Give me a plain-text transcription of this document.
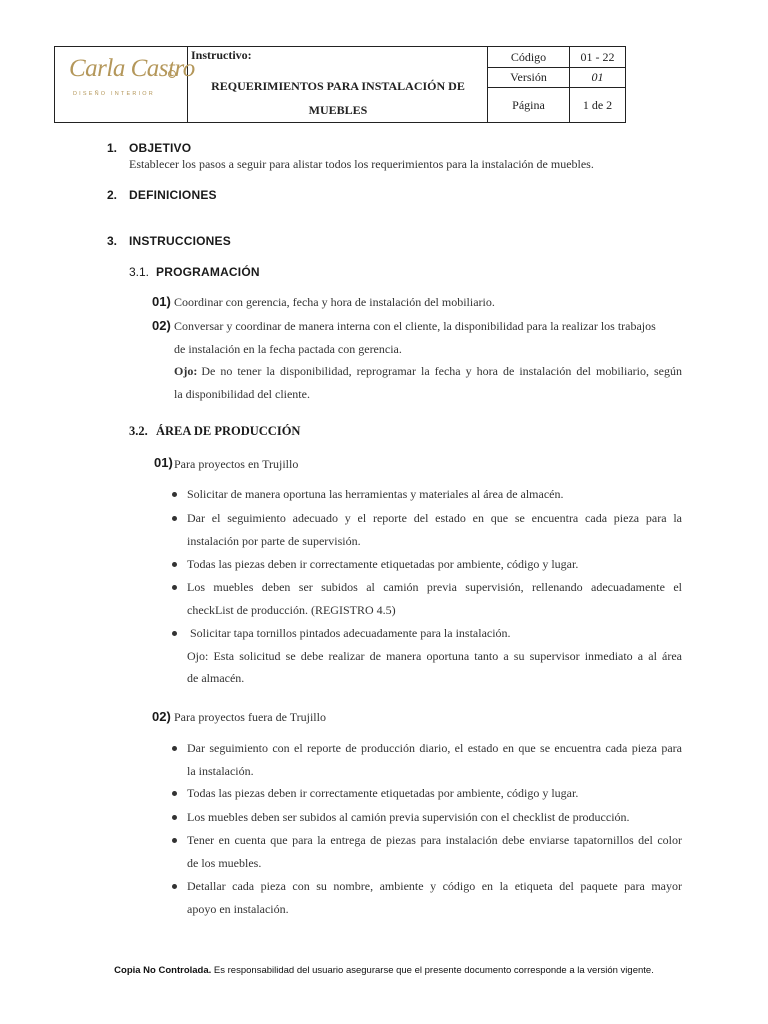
Carla Castro
DISEÑO INTERIOR
Instructivo:
REQUERIMIENTOS PARA INSTALACIÓN DE
MUEBLES
Código	01 - 22
Versión	01
Página	1 de 2
1. OBJETIVO
Establecer los pasos a seguir para alistar todos los requerimientos para la instalación de muebles.
2. DEFINICIONES
3. INSTRUCCIONES
3.1. PROGRAMACIÓN
01) Coordinar con gerencia, fecha y hora de instalación del mobiliario.
02) Conversar y coordinar de manera interna con el cliente, la disponibilidad para la realizar los trabajos
de instalación en la fecha pactada con gerencia.
Ojo: De no tener la disponibilidad, reprogramar la fecha y hora de instalación del mobiliario, según
la disponibilidad del cliente.
3.2. ÁREA DE PRODUCCIÓN
01) Para proyectos en Trujillo
Solicitar de manera oportuna las herramientas y materiales al área de almacén.
Dar el seguimiento adecuado y el reporte del estado en que se encuentra cada pieza para la
instalación por parte de supervisión.
Todas las piezas deben ir correctamente etiquetadas por ambiente, código y lugar.
Los muebles deben ser subidos al camión previa supervisión, rellenando adecuadamente el
checkList de producción. (REGISTRO 4.5)
Solicitar tapa tornillos pintados adecuadamente para la instalación.
Ojo: Esta solicitud se debe realizar de manera oportuna tanto a su supervisor inmediato a al área
de almacén.
02) Para proyectos fuera de Trujillo
Dar seguimiento con el reporte de producción diario, el estado en que se encuentra cada pieza para
la instalación.
Todas las piezas deben ir correctamente etiquetadas por ambiente, código y lugar.
Los muebles deben ser subidos al camión previa supervisión con el checklist de producción.
Tener en cuenta que para la entrega de piezas para instalación debe enviarse tapatornillos del color
de los muebles.
Detallar cada pieza con su nombre, ambiente y código en la etiqueta del paquete para mayor
apoyo en instalación.
Copia No Controlada. Es responsabilidad del usuario asegurarse que el presente documento corresponde a la versión vigente.
